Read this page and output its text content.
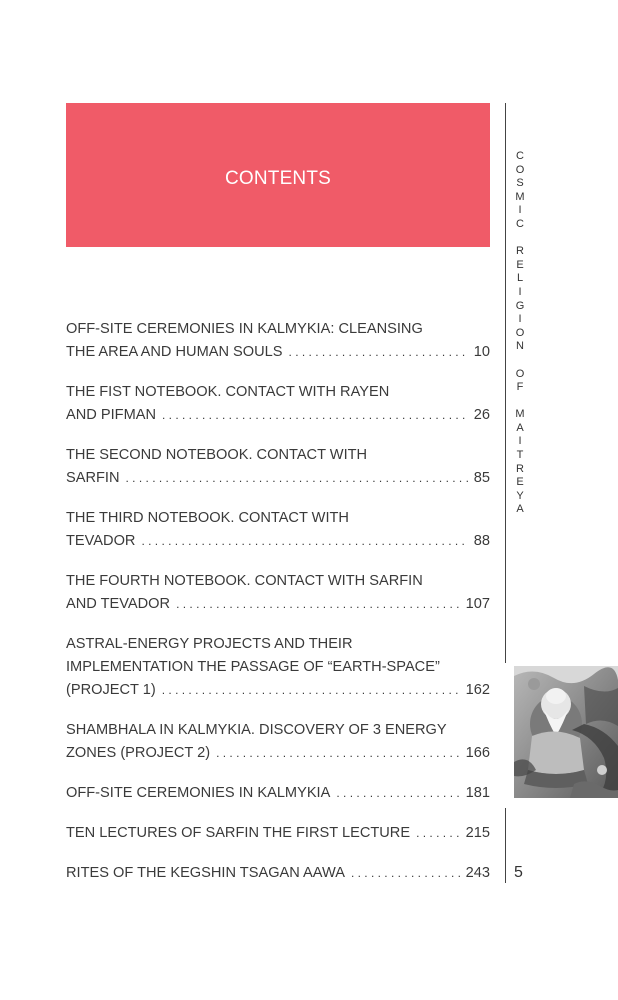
CONTENTS
C
O
S
M
I
C
R
E
L
I
G
I
O
N
O
F
M
A
I
T
R
E
Y
A
5
OFF-SITE CEREMONIES IN KALMYKIA: CLEANSING
THE AREA AND HUMAN SOULS . . .	10
THE FIST NOTEBOOK. CONTACT WITH RAYEN
AND PIFMAN . . .	26
THE SECOND NOTEBOOK. CONTACT WITH
SARFIN . . .	85
THE THIRD NOTEBOOK. CONTACT WITH
TEVADOR . . .	88
THE FOURTH NOTEBOOK. CONTACT WITH SARFIN
AND TEVADOR . . .	107
ASTRAL-ENERGY PROJECTS AND THEIR
IMPLEMENTATION THE PASSAGE OF “EARTH-SPACE”
(PROJECT 1) . . .	162
SHAMBHALA IN KALMYKIA. DISCOVERY OF 3 ENERGY
ZONES (PROJECT 2) . . .	166
OFF-SITE CEREMONIES IN KALMYKIA . . .	181
TEN LECTURES OF SARFIN THE FIRST LECTURE . . .	215
RITES OF THE KEGSHIN TSAGAN AAWA . . .	243
